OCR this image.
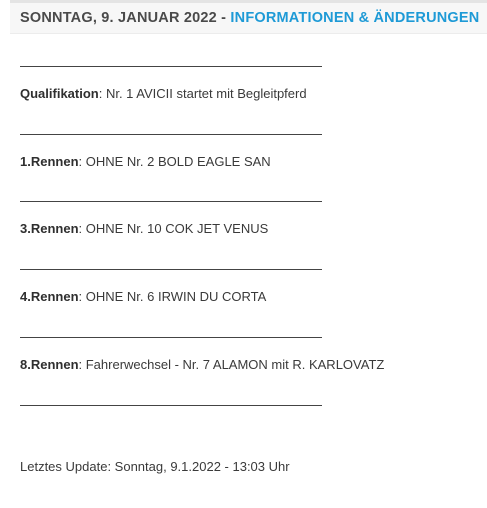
SONNTAG, 9. JANUAR 2022 - INFORMATIONEN & ÄNDERUNGEN
Qualifikation: Nr. 1 AVICII startet mit Begleitpferd
1.Rennen: OHNE Nr. 2 BOLD EAGLE SAN
3.Rennen: OHNE Nr. 10 COK JET VENUS
4.Rennen: OHNE Nr. 6 IRWIN DU CORTA
8.Rennen: Fahrerwechsel - Nr. 7 ALAMON mit R. KARLOVATZ
Letztes Update: Sonntag, 9.1.2022 - 13:03 Uhr
